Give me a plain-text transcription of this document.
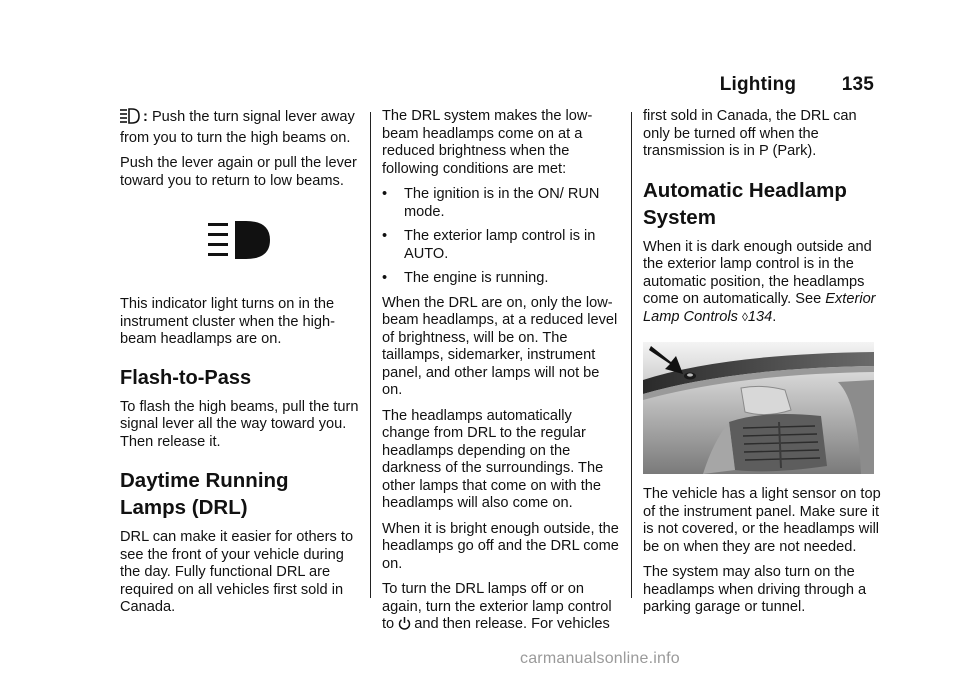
Lighting 135

: Push the turn signal lever away from you to turn the high beams on.

Push the lever again or pull the lever toward you to return to low beams.

This indicator light turns on in the instrument cluster when the high-beam headlamps are on.

Flash-to-Pass

To flash the high beams, pull the turn signal lever all the way toward you. Then release it.

Daytime Running Lamps (DRL)

DRL can make it easier for others to see the front of your vehicle during the day. Fully functional DRL are required on all vehicles first sold in Canada.

The DRL system makes the low-beam headlamps come on at a reduced brightness when the following conditions are met:

•	The ignition is in the ON/ RUN mode.
•	The exterior lamp control is in AUTO.
•	The engine is running.

When the DRL are on, only the low-beam headlamps, at a reduced level of brightness, will be on. The taillamps, sidemarker, instrument panel, and other lamps will not be on.

The headlamps automatically change from DRL to the regular headlamps depending on the darkness of the surroundings. The other lamps that come on with the headlamps will also come on.

When it is bright enough outside, the headlamps go off and the DRL come on.

To turn the DRL lamps off or on again, turn the exterior lamp control to and then release. For vehicles

first sold in Canada, the DRL can only be turned off when the transmission is in P (Park).

Automatic Headlamp System

When it is dark enough outside and the exterior lamp control is in the automatic position, the headlamps come on automatically. See Exterior Lamp Controls ◊134.

The vehicle has a light sensor on top of the instrument panel. Make sure it is not covered, or the headlamps will be on when they are not needed.

The system may also turn on the headlamps when driving through a parking garage or tunnel.

carmanualsonline.info
